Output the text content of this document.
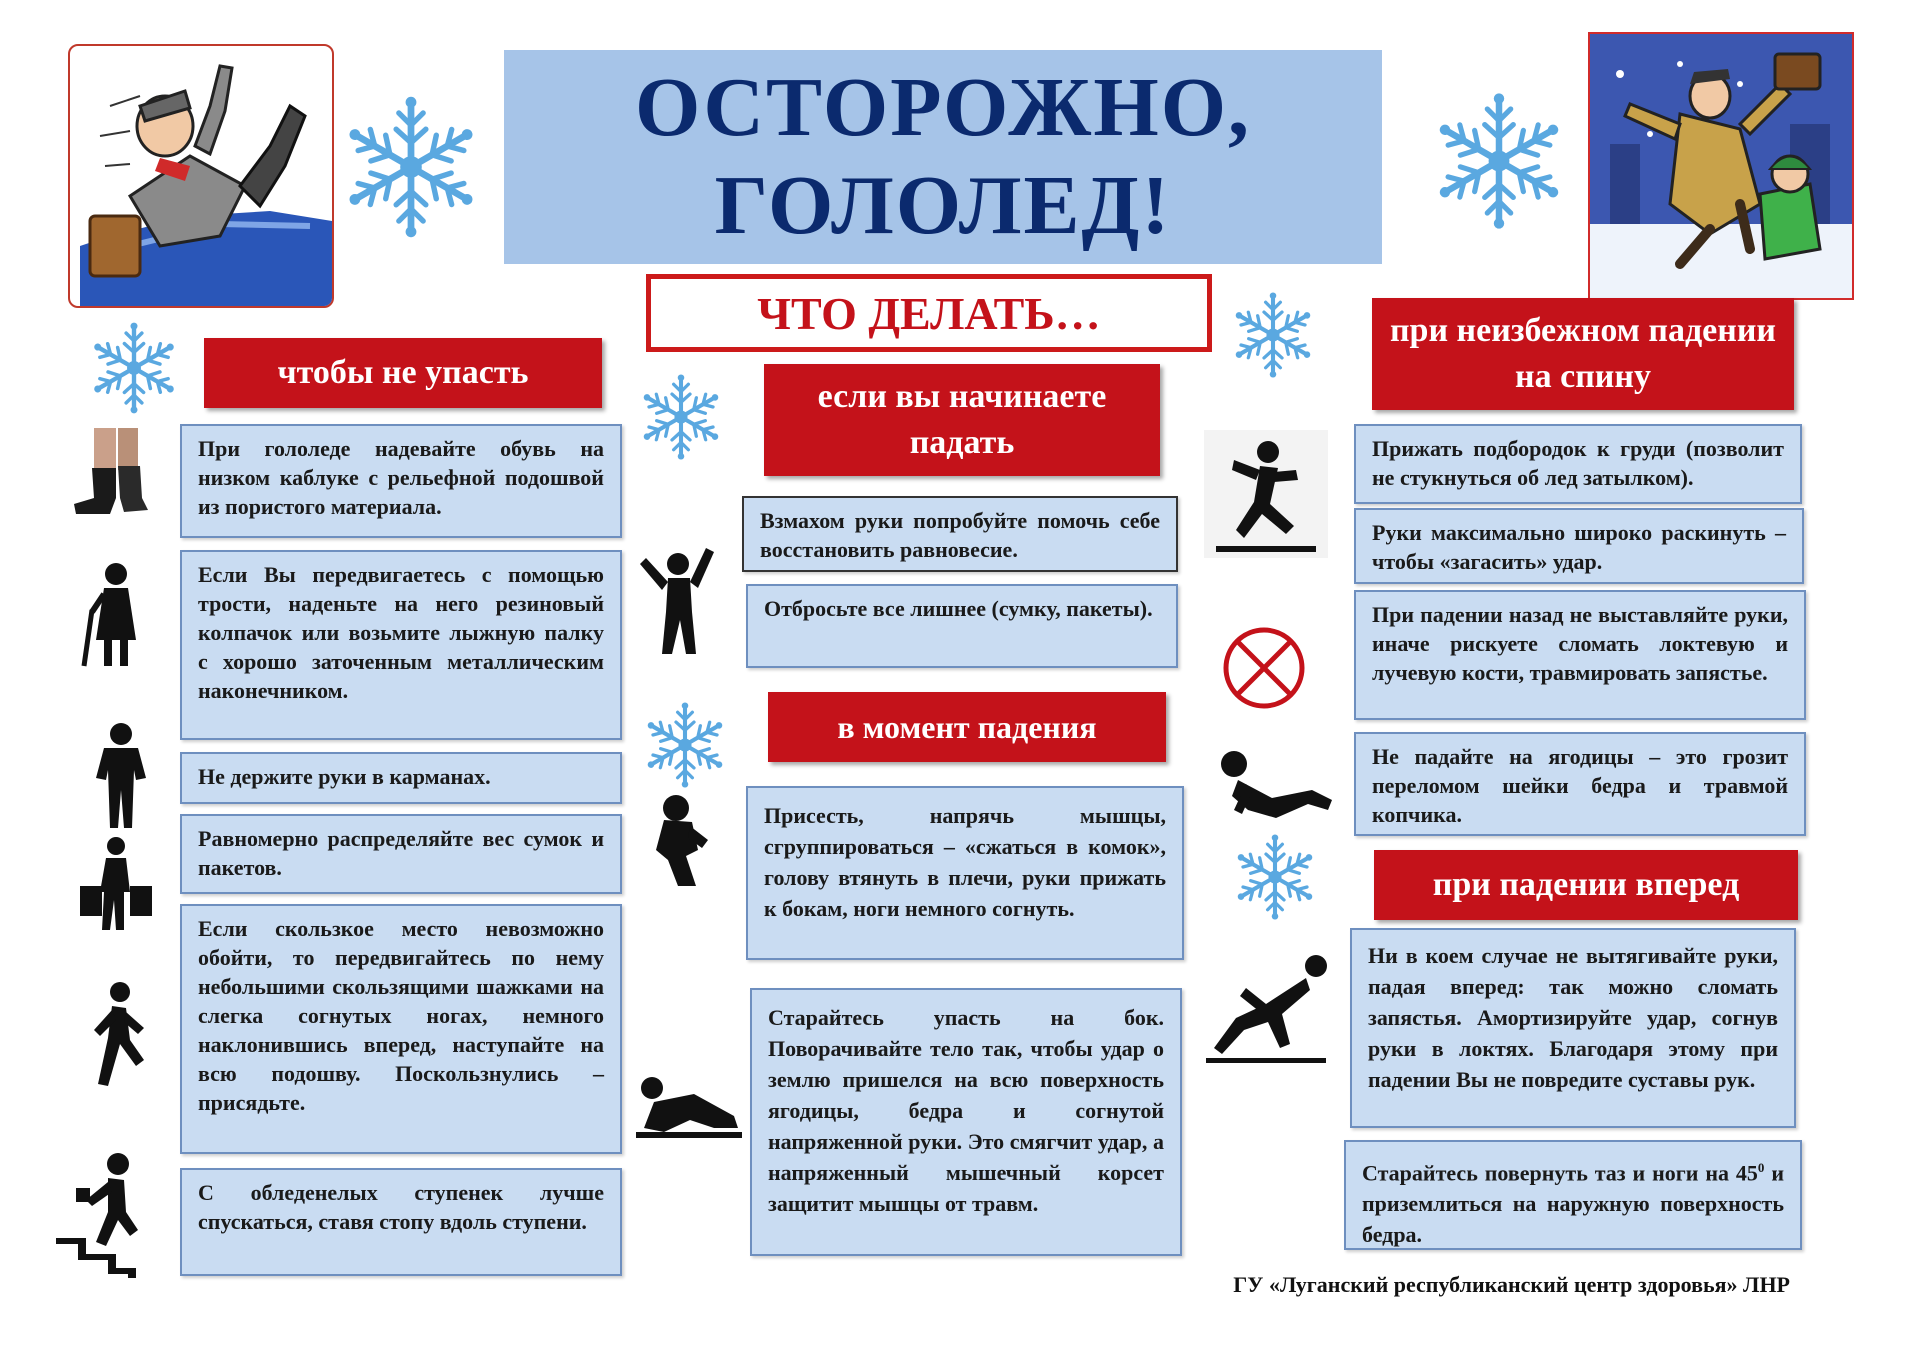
ОСТОРОЖНО,
ГОЛОЛЕД!
ЧТО ДЕЛАТЬ…
чтобы не упасть
При гололеде надевайте обувь на низком каблуке с рельефной подошвой из пористого материала.
Если Вы передвигаетесь с помощью трости, наденьте на него резиновый колпачок или возьмите лыжную палку с хорошо заточенным металлическим наконечником.
Не держите руки в карманах.
Равномерно распределяйте вес сумок и пакетов.
Если скользкое место невозможно обойти, то передвигайтесь по нему небольшими скользящими шажками на слегка согнутых ногах, немного наклонившись вперед, наступайте на всю подошву. Поскользнулись – присядьте.
С обледенелых ступенек лучше спускаться, ставя стопу вдоль ступени.
если вы начинаете падать
Взмахом руки попробуйте помочь себе восстановить равновесие.
Отбросьте все лишнее (сумку, пакеты).
в момент падения
Присесть, напрячь мышцы, сгруппироваться – «сжаться в комок», голову втянуть в плечи, руки прижать к бокам, ноги немного согнуть.
Старайтесь упасть на бок. Поворачивайте тело так, чтобы удар о землю пришелся на всю поверхность ягодицы, бедра и согнутой напряженной руки. Это смягчит удар, а напряженный мышечный корсет защитит мышцы от травм.
при неизбежном падении на спину
Прижать подбородок к груди (позволит не стукнуться об лед затылком).
Руки максимально широко раскинуть – чтобы «загасить» удар.
При падении назад не выставляйте руки, иначе рискуете сломать локтевую и лучевую кости, травмировать запястье.
Не падайте на ягодицы – это грозит переломом шейки бедра и травмой копчика.
при падении вперед
Ни в коем случае не вытягивайте руки, падая вперед: так можно сломать запястья. Амортизируйте удар, согнув руки в локтях. Благодаря этому при падении Вы не повредите суставы рук.
Старайтесь повернуть таз и ноги на $45^0$ и приземлиться на наружную поверхность бедра.
ГУ «Луганский республиканский центр здоровья» ЛНР
